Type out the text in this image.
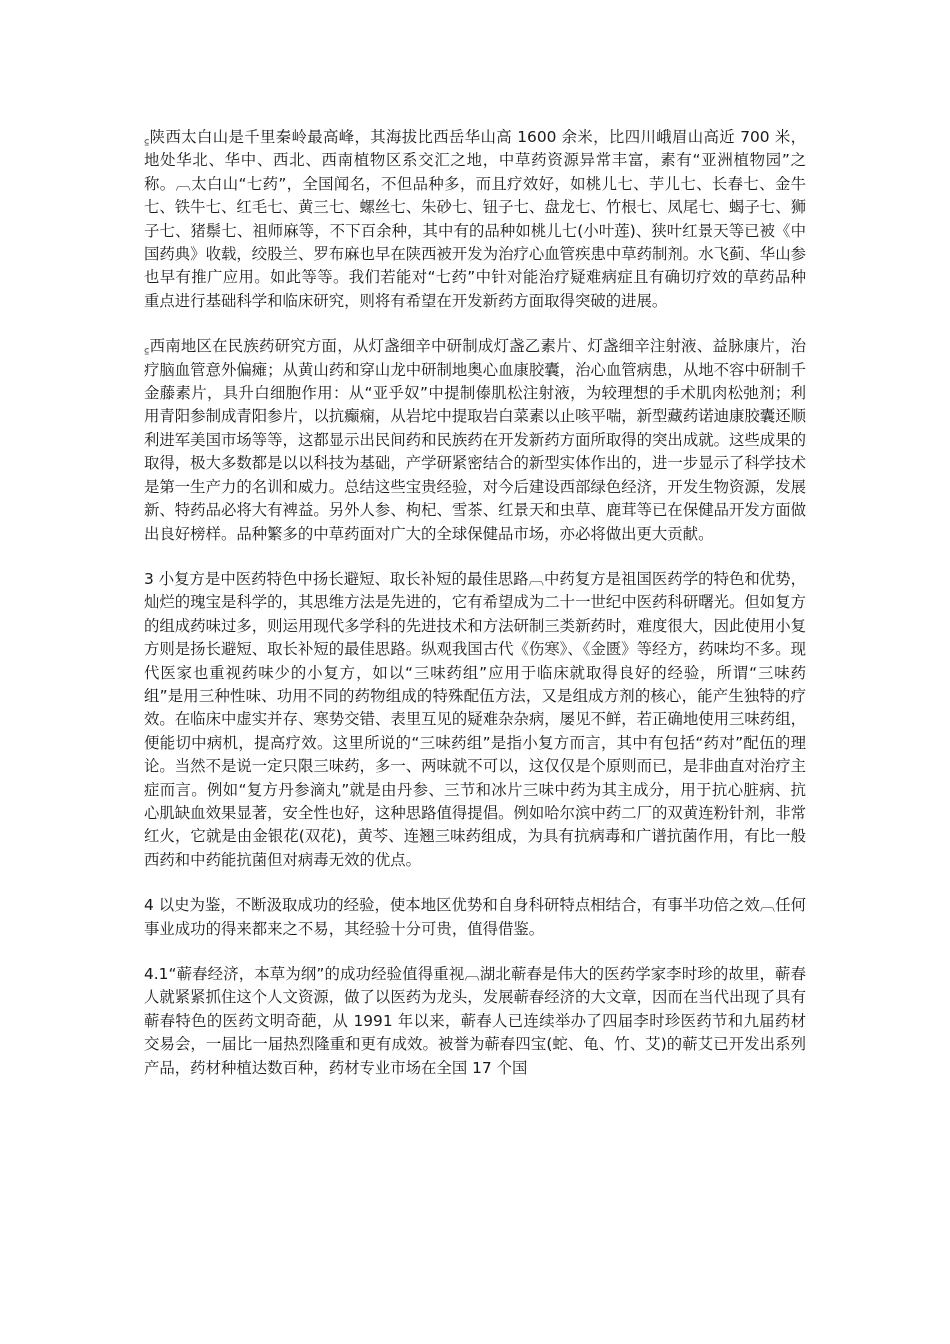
꜁陕西太白山是千里秦岭最高峰，其海拔比西岳华山高 1600 余米，比四川峨眉山高近 700 米，地处华北、华中、西北、西南植物区系交汇之地，中草药资源异常丰富，素有“亚洲植物园”之称。︹太白山“七药”，全国闻名，不但品种多，而且疗效好，如桃儿七、芋儿七、长春七、金牛七、铁牛七、红毛七、黄三七、螺丝七、朱砂七、钮子七、盘龙七、竹根七、凤尾七、蝎子七、狮子七、猪鬃七、祖师麻等，不下百余种，其中有的品种如桃儿七(小叶莲)、狭叶红景天等已被《中国药典》收载，绞股兰、罗布麻也早在陕西被开发为治疗心血管疾患中草药制剂。水飞蓟、华山参也早有推广应用。如此等等。我们若能对“七药”中针对能治疗疑难病症且有确切疗效的草药品种重点进行基础科学和临床研究，则将有希望在开发新药方面取得突破的进展。

꜁西南地区在民族药研究方面，从灯盏细辛中研制成灯盏乙素片、灯盏细辛注射液、益脉康片，治疗脑血管意外偏瘫；从黄山药和穿山龙中研制地奥心血康胶囊，治心血管病患，从地不容中研制千金藤素片，具升白细胞作用：从“亚乎奴”中提制傣肌松注射液，为较理想的手术肌肉松弛剂；利用青阳参制成青阳参片，以抗癫痫，从岩坨中提取岩白菜素以止咳平喘，新型藏药诺迪康胶囊还顺利进军美国市场等等，这都显示出民间药和民族药在开发新药方面所取得的突出成就。这些成果的取得，极大多数都是以以科技为基础，产学研紧密结合的新型实体作出的，进一步显示了科学技术是第一生产力的名训和威力。总结这些宝贵经验，对今后建设西部绿色经济，开发生物资源，发展新、特药品必将大有裨益。另外人参、枸杞、雪茶、红景天和虫草、鹿茸等已在保健品开发方面做出良好榜样。品种繁多的中草药面对广大的全球保健品市场，亦必将做出更大贡献。

3 小复方是中医药特色中扬长避短、取长补短的最佳思路︹中药复方是祖国医药学的特色和优势，灿烂的瑰宝是科学的，其思维方法是先进的，它有希望成为二十一世纪中医药科研曙光。但如复方的组成药味过多，则运用现代多学科的先进技术和方法研制三类新药时，难度很大，因此使用小复方则是扬长避短、取长补短的最佳思路。纵观我国古代《伤寒》、《金匮》等经方，药味均不多。现代医家也重视药味少的小复方，如以“三味药组”应用于临床就取得良好的经验，所谓“三味药组”是用三种性味、功用不同的药物组成的特殊配伍方法，又是组成方剂的核心，能产生独特的疗效。在临床中虚实并存、寒势交错、表里互见的疑难杂杂病，屡见不鲜，若正确地使用三味药组，便能切中病机，提高疗效。这里所说的“三味药组”是指小复方而言，其中有包括“药对”配伍的理论。当然不是说一定只限三味药，多一、两味就不可以，这仅仅是个原则而已，是非曲直对治疗主症而言。例如“复方丹参滴丸”就是由丹参、三节和冰片三味中药为其主成分，用于抗心脏病、抗心肌缺血效果显著，安全性也好，这种思路值得提倡。例如哈尔滨中药二厂的双黄连粉针剂，非常红火，它就是由金银花(双花)，黄芩、连翘三味药组成，为具有抗病毒和广谱抗菌作用，有比一般西药和中药能抗菌但对病毒无效的优点。

4 以史为鉴，不断汲取成功的经验，使本地区优势和自身科研特点相结合，有事半功倍之效︹任何事业成功的得来都来之不易，其经验十分可贵，值得借鉴。

4.1“蕲春经济，本草为纲”的成功经验值得重视︹湖北蕲春是伟大的医药学家李时珍的故里，蕲春人就紧紧抓住这个人文资源，做了以医药为龙头，发展蕲春经济的大文章，因而在当代出现了具有蕲春特色的医药文明奇葩，从 1991 年以来，蕲春人已连续举办了四届李时珍医药节和九届药材交易会，一届比一届热烈隆重和更有成效。被誉为蕲春四宝(蛇、龟、竹、艾)的蕲艾已开发出系列产品，药材种植达数百种，药材专业市场在全国 17 个国
